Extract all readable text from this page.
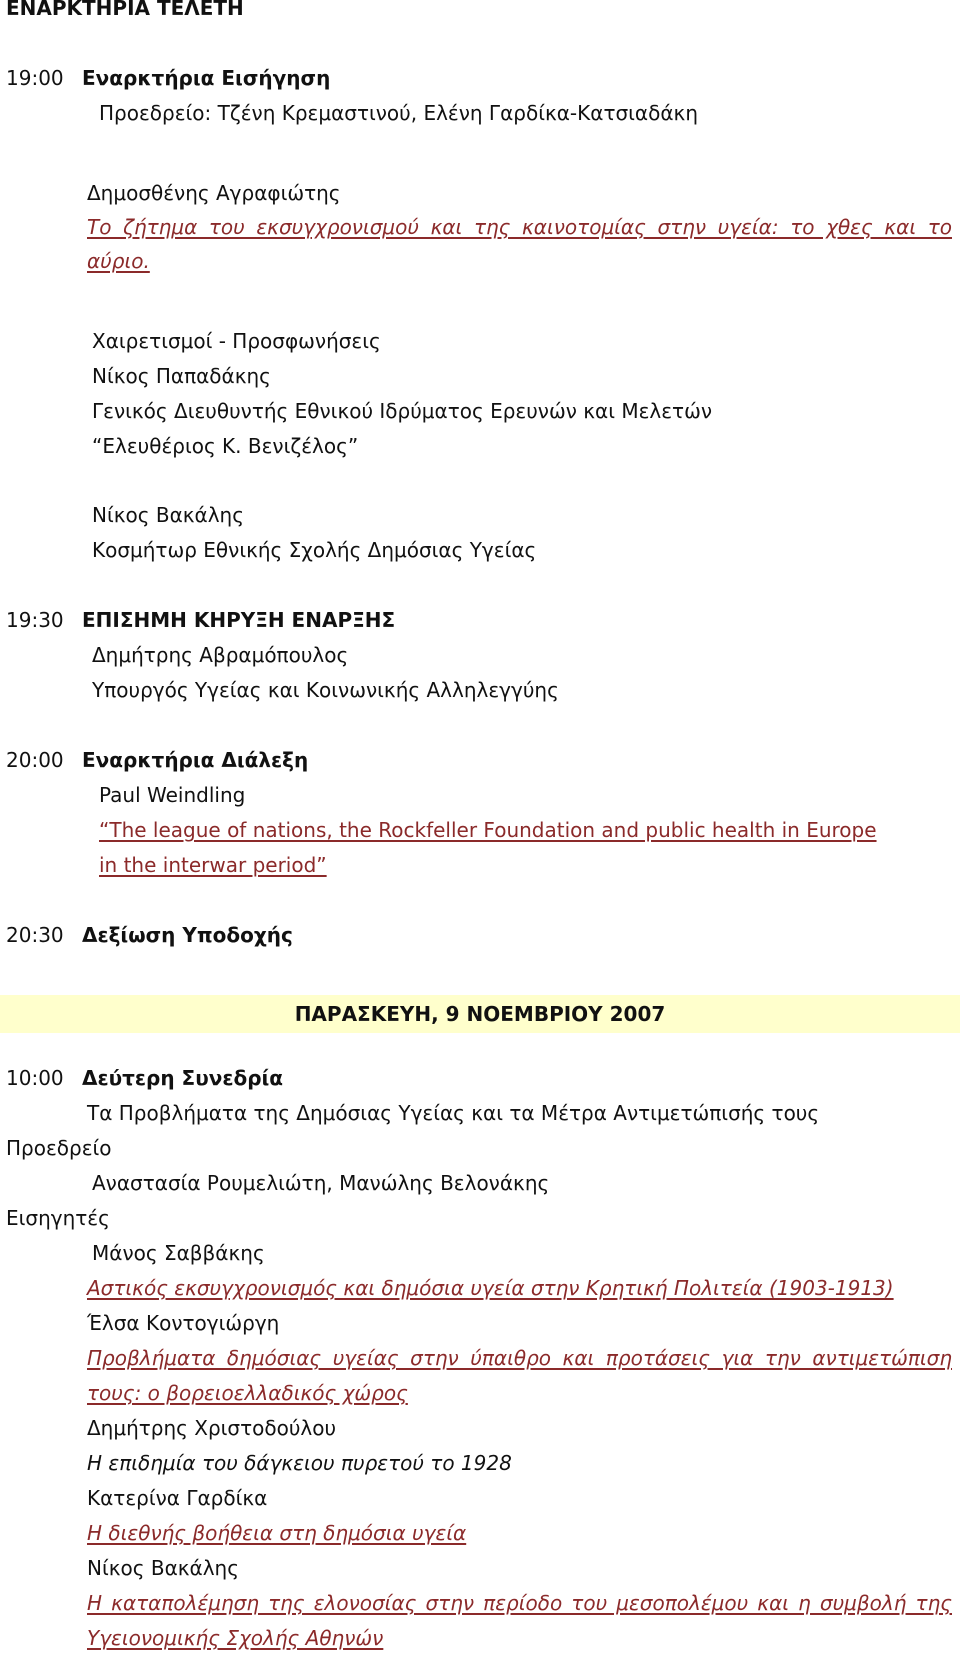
ΕΝΑΡΚΤΗΡΙΑ ΤΕΛΕΤΗ
19:00 Εναρκτήρια Εισήγηση
Προεδρείο: Τζένη Κρεμαστινού, Ελένη Γαρδίκα-Κατσιαδάκη
Δημοσθένης Αγραφιώτης
Το ζήτημα του εκσυγχρονισμού και της καινοτομίας στην υγεία: το χθες και το
αύριο.
Χαιρετισμοί - Προσφωνήσεις
Νίκος Παπαδάκης
Γενικός Διευθυντής Εθνικού Ιδρύματος Ερευνών και Μελετών
“Ελευθέριος Κ. Βενιζέλος”
Νίκος Βακάλης
Κοσμήτωρ Εθνικής Σχολής Δημόσιας Υγείας
19:30 ΕΠΙΣΗΜΗ ΚΗΡΥΞΗ ΕΝΑΡΞΗΣ
Δημήτρης Αβραμόπουλος
Υπουργός Υγείας και Κοινωνικής Αλληλεγγύης
20:00 Εναρκτήρια Διάλεξη
Paul Weindling
“The league of nations, the Rockfeller Foundation and public health in Europe
in the interwar period”
20:30 Δεξίωση Υποδοχής
ΠΑΡΑΣΚΕΥΗ, 9 ΝΟΕΜΒΡΙΟΥ 2007
10:00 Δεύτερη Συνεδρία
Τα Προβλήματα της Δημόσιας Υγείας και τα Μέτρα Αντιμετώπισής τους
Προεδρείο
Αναστασία Ρουμελιώτη, Μανώλης Βελονάκης
Εισηγητές
Μάνος Σαββάκης
Αστικός εκσυγχρονισμός και δημόσια υγεία στην Κρητική Πολιτεία (1903-1913)
Έλσα Κοντογιώργη
Προβλήματα δημόσιας υγείας στην ύπαιθρο και προτάσεις για την αντιμετώπιση
τους: ο βορειοελλαδικός χώρος
Δημήτρης Χριστοδούλου
Η επιδημία του δάγκειου πυρετού το 1928
Κατερίνα Γαρδίκα
Η διεθνής βοήθεια στη δημόσια υγεία
Νίκος Βακάλης
Η καταπολέμηση της ελονοσίας στην περίοδο του μεσοπολέμου και η συμβολή της
Υγειονομικής Σχολής Αθηνών
